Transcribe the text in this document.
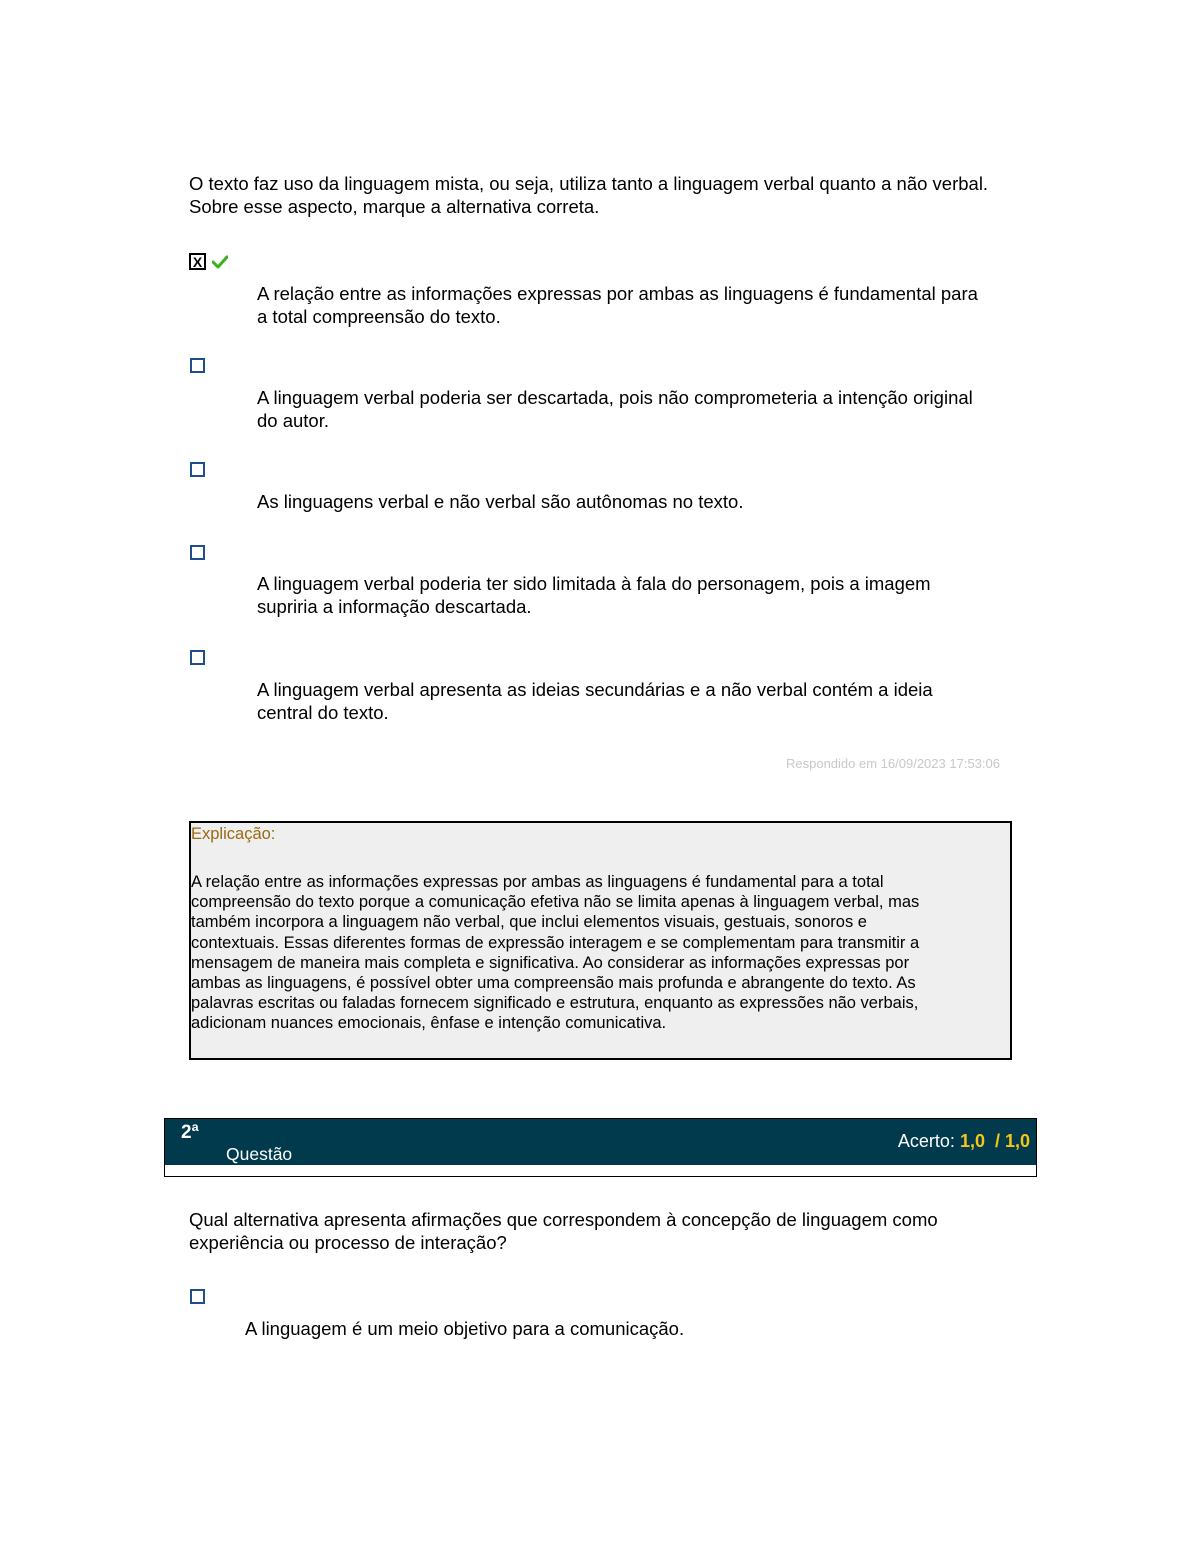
O texto faz uso da linguagem mista, ou seja, utiliza tanto a linguagem verbal quanto a não verbal. Sobre esse aspecto, marque a alternativa correta.
X
A relação entre as informações expressas por ambas as linguagens é fundamental para a total compreensão do texto.
A linguagem verbal poderia ser descartada, pois não comprometeria a intenção original do autor.
As linguagens verbal e não verbal são autônomas no texto.
A linguagem verbal poderia ter sido limitada à fala do personagem, pois a imagem supriria a informação descartada.
A linguagem verbal apresenta as ideias secundárias e a não verbal contém a ideia central do texto.
Respondido em 16/09/2023 17:53:06
Explicação:
A relação entre as informações expressas por ambas as linguagens é fundamental para a total
compreensão do texto porque a comunicação efetiva não se limita apenas à linguagem verbal, mas
também incorpora a linguagem não verbal, que inclui elementos visuais, gestuais, sonoros e
contextuais. Essas diferentes formas de expressão interagem e se complementam para transmitir a
mensagem de maneira mais completa e significativa. Ao considerar as informações expressas por
ambas as linguagens, é possível obter uma compreensão mais profunda e abrangente do texto. As
palavras escritas ou faladas fornecem significado e estrutura, enquanto as expressões não verbais,
adicionam nuances emocionais, ênfase e intenção comunicativa.
2ª
Questão
Acerto: 1,0  / 1,0
Qual alternativa apresenta afirmações que correspondem à concepção de linguagem como experiência ou processo de interação?
A linguagem é um meio objetivo para a comunicação.
